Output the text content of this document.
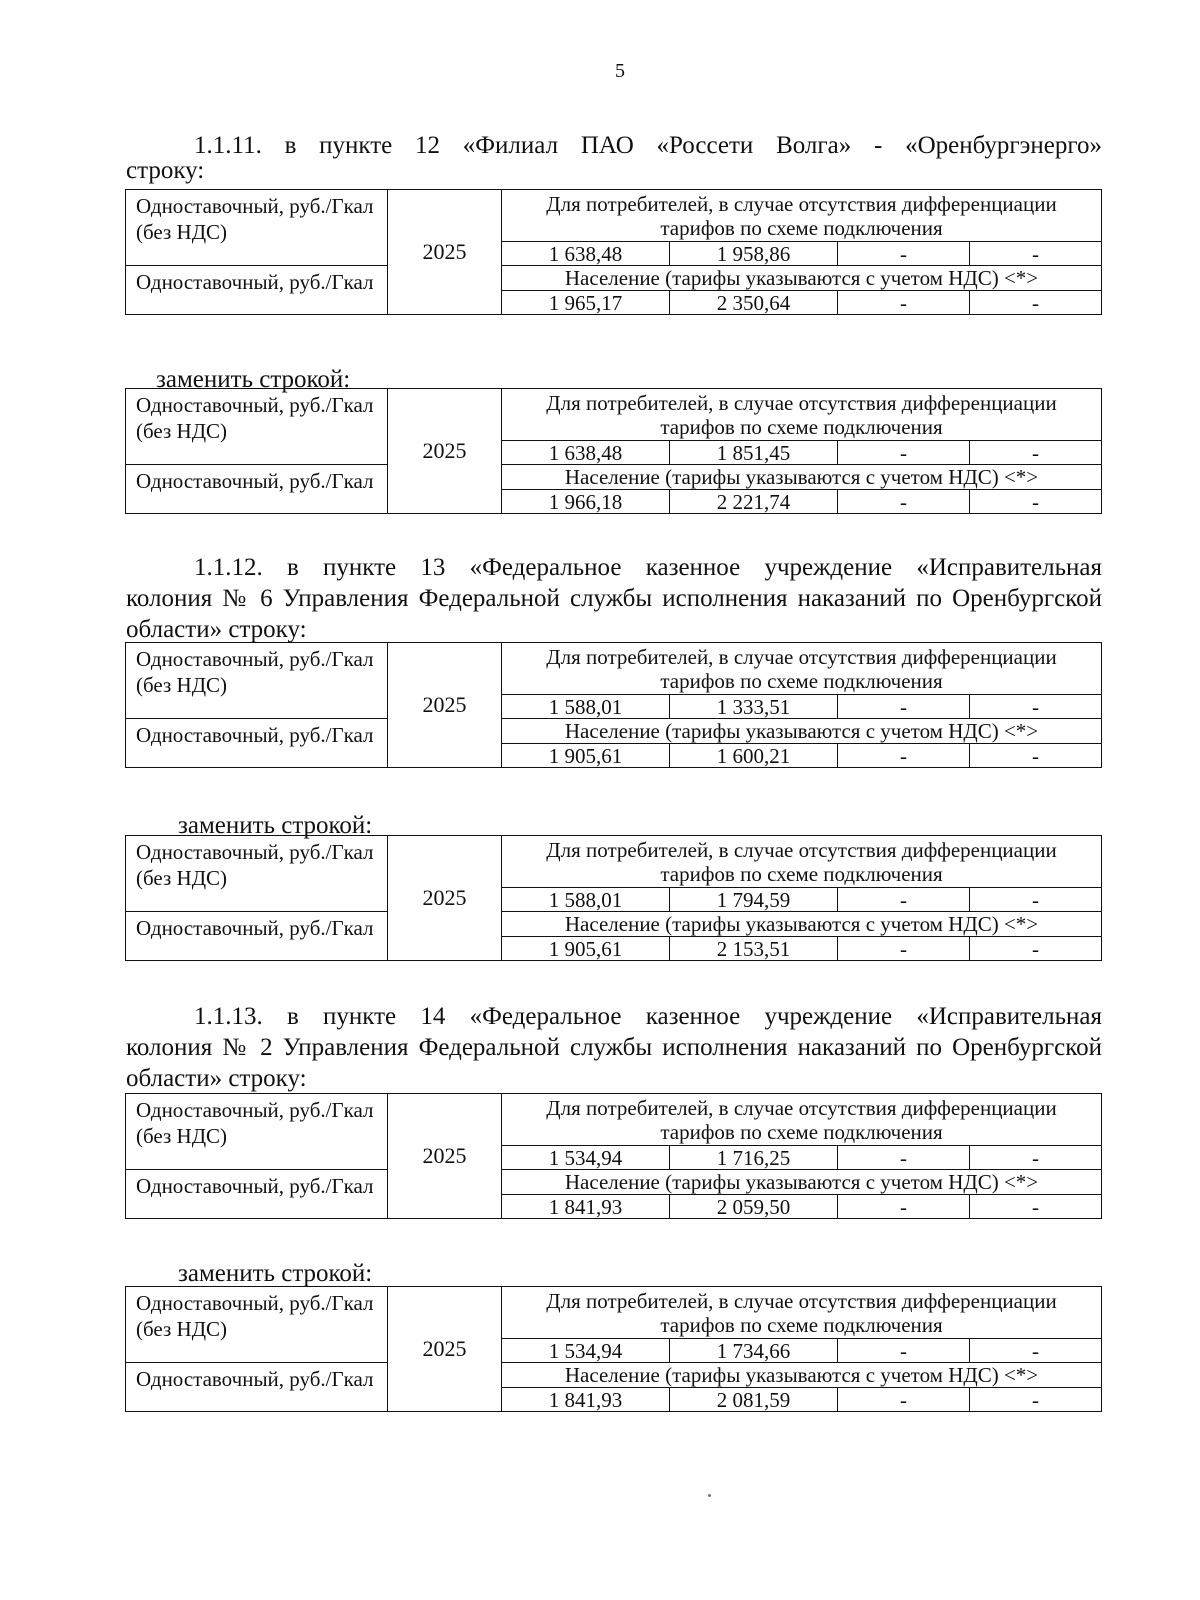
5
1.1.11. в пункте 12 «Филиал ПАО «Россети Волга» - «Оренбургэнерго»
строку:
Одноставочный, руб./Гкал (без НДС)	2025	Для потребителей, в случае отсутствия дифференциации тарифов по схеме подключения			
		1 638,48	1 958,86	-	-
Одноставочный, руб./Гкал		Население (тарифы указываются с учетом НДС) <*>			
		1 965,17	2 350,64	-	-
заменить строкой:
Одноставочный, руб./Гкал (без НДС)	2025	Для потребителей, в случае отсутствия дифференциации тарифов по схеме подключения			
		1 638,48	1 851,45	-	-
Одноставочный, руб./Гкал		Население (тарифы указываются с учетом НДС) <*>			
		1 966,18	2 221,74	-	-
1.1.12. в пункте 13 «Федеральное казенное учреждение «Исправительная
колония № 6 Управления Федеральной службы исполнения наказаний по Оренбургской области» строку:
Одноставочный, руб./Гкал (без НДС)	2025	Для потребителей, в случае отсутствия дифференциации тарифов по схеме подключения			
		1 588,01	1 333,51	-	-
Одноставочный, руб./Гкал		Население (тарифы указываются с учетом НДС) <*>			
		1 905,61	1 600,21	-	-
заменить строкой:
Одноставочный, руб./Гкал (без НДС)	2025	Для потребителей, в случае отсутствия дифференциации тарифов по схеме подключения			
		1 588,01	1 794,59	-	-
Одноставочный, руб./Гкал		Население (тарифы указываются с учетом НДС) <*>			
		1 905,61	2 153,51	-	-
1.1.13. в пункте 14 «Федеральное казенное учреждение «Исправительная
колония № 2 Управления Федеральной службы исполнения наказаний по Оренбургской области» строку:
Одноставочный, руб./Гкал (без НДС)	2025	Для потребителей, в случае отсутствия дифференциации тарифов по схеме подключения			
		1 534,94	1 716,25	-	-
Одноставочный, руб./Гкал		Население (тарифы указываются с учетом НДС) <*>			
		1 841,93	2 059,50	-	-
заменить строкой:
Одноставочный, руб./Гкал (без НДС)	2025	Для потребителей, в случае отсутствия дифференциации тарифов по схеме подключения			
		1 534,94	1 734,66	-	-
Одноставочный, руб./Гкал		Население (тарифы указываются с учетом НДС) <*>			
		1 841,93	2 081,59	-	-
